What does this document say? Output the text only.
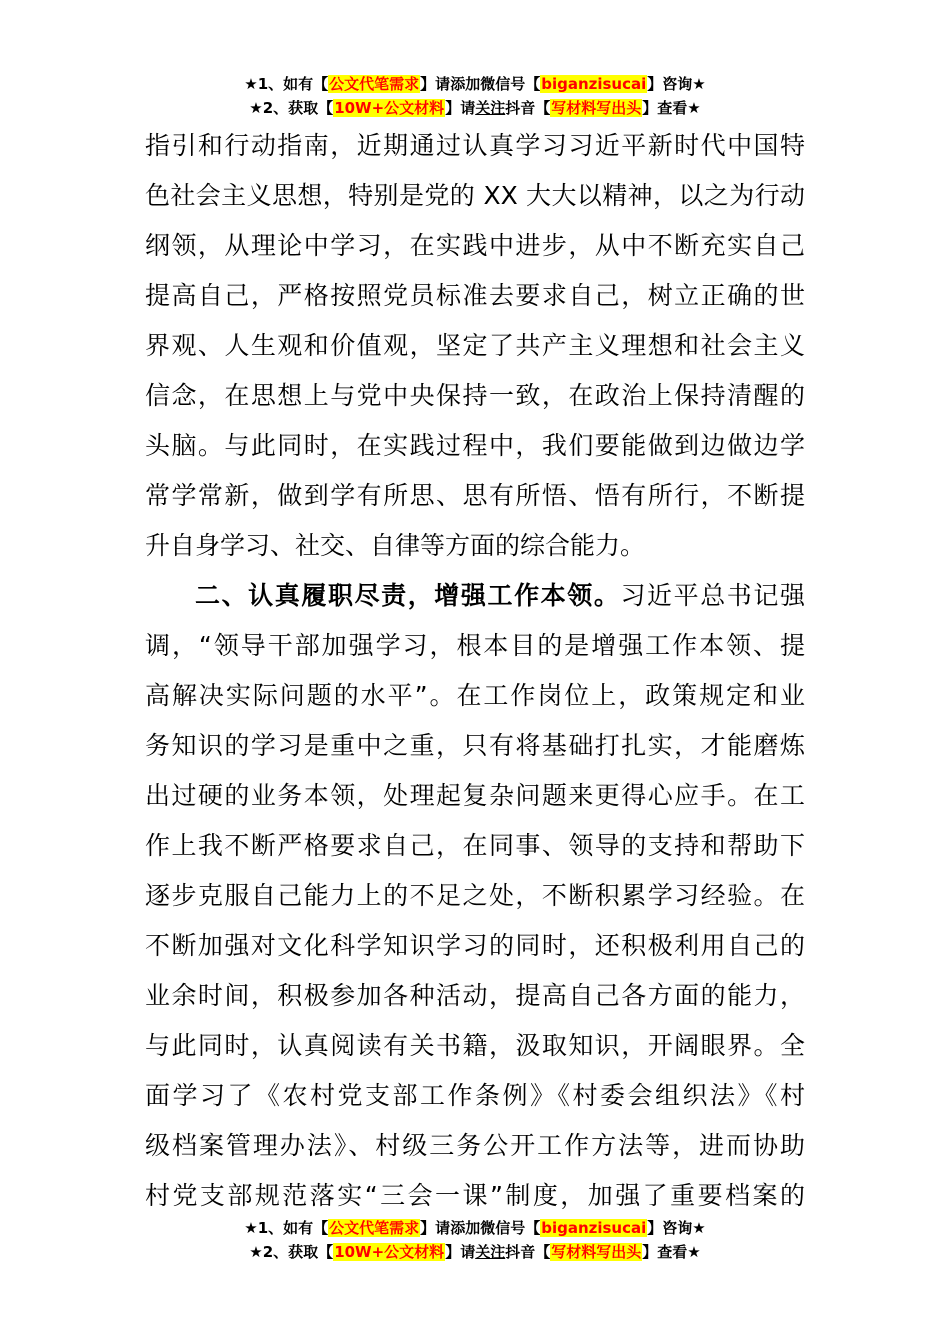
★1、如有【公文代笔需求】请添加微信号【biganzisucai】咨询★
★2、获取【10W+公文材料】请关注抖音【写材料写出头】查看★
指引和行动指南，近期通过认真学习习近平新时代中国特
色社会主义思想，特别是党的 XX 大大以精神，以之为行动
纲领，从理论中学习，在实践中进步，从中不断充实自己
提高自己，严格按照党员标准去要求自己，树立正确的世
界观、人生观和价值观，坚定了共产主义理想和社会主义
信念，在思想上与党中央保持一致，在政治上保持清醒的
头脑。与此同时，在实践过程中，我们要能做到边做边学
常学常新，做到学有所思、思有所悟、悟有所行，不断提
升自身学习、社交、自律等方面的综合能力。
二、认真履职尽责，增强工作本领。习近平总书记强
调，“领导干部加强学习，根本目的是增强工作本领、提
高解决实际问题的水平”。在工作岗位上，政策规定和业
务知识的学习是重中之重，只有将基础打扎实，才能磨炼
出过硬的业务本领，处理起复杂问题来更得心应手。在工
作上我不断严格要求自己，在同事、领导的支持和帮助下
逐步克服自己能力上的不足之处，不断积累学习经验。在
不断加强对文化科学知识学习的同时，还积极利用自己的
业余时间，积极参加各种活动，提高自己各方面的能力，
与此同时，认真阅读有关书籍，汲取知识，开阔眼界。全
面学习了《农村党支部工作条例》《村委会组织法》《村
级档案管理办法》、村级三务公开工作方法等，进而协助
村党支部规范落实“三会一课”制度，加强了重要档案的
★1、如有【公文代笔需求】请添加微信号【biganzisucai】咨询★
★2、获取【10W+公文材料】请关注抖音【写材料写出头】查看★
